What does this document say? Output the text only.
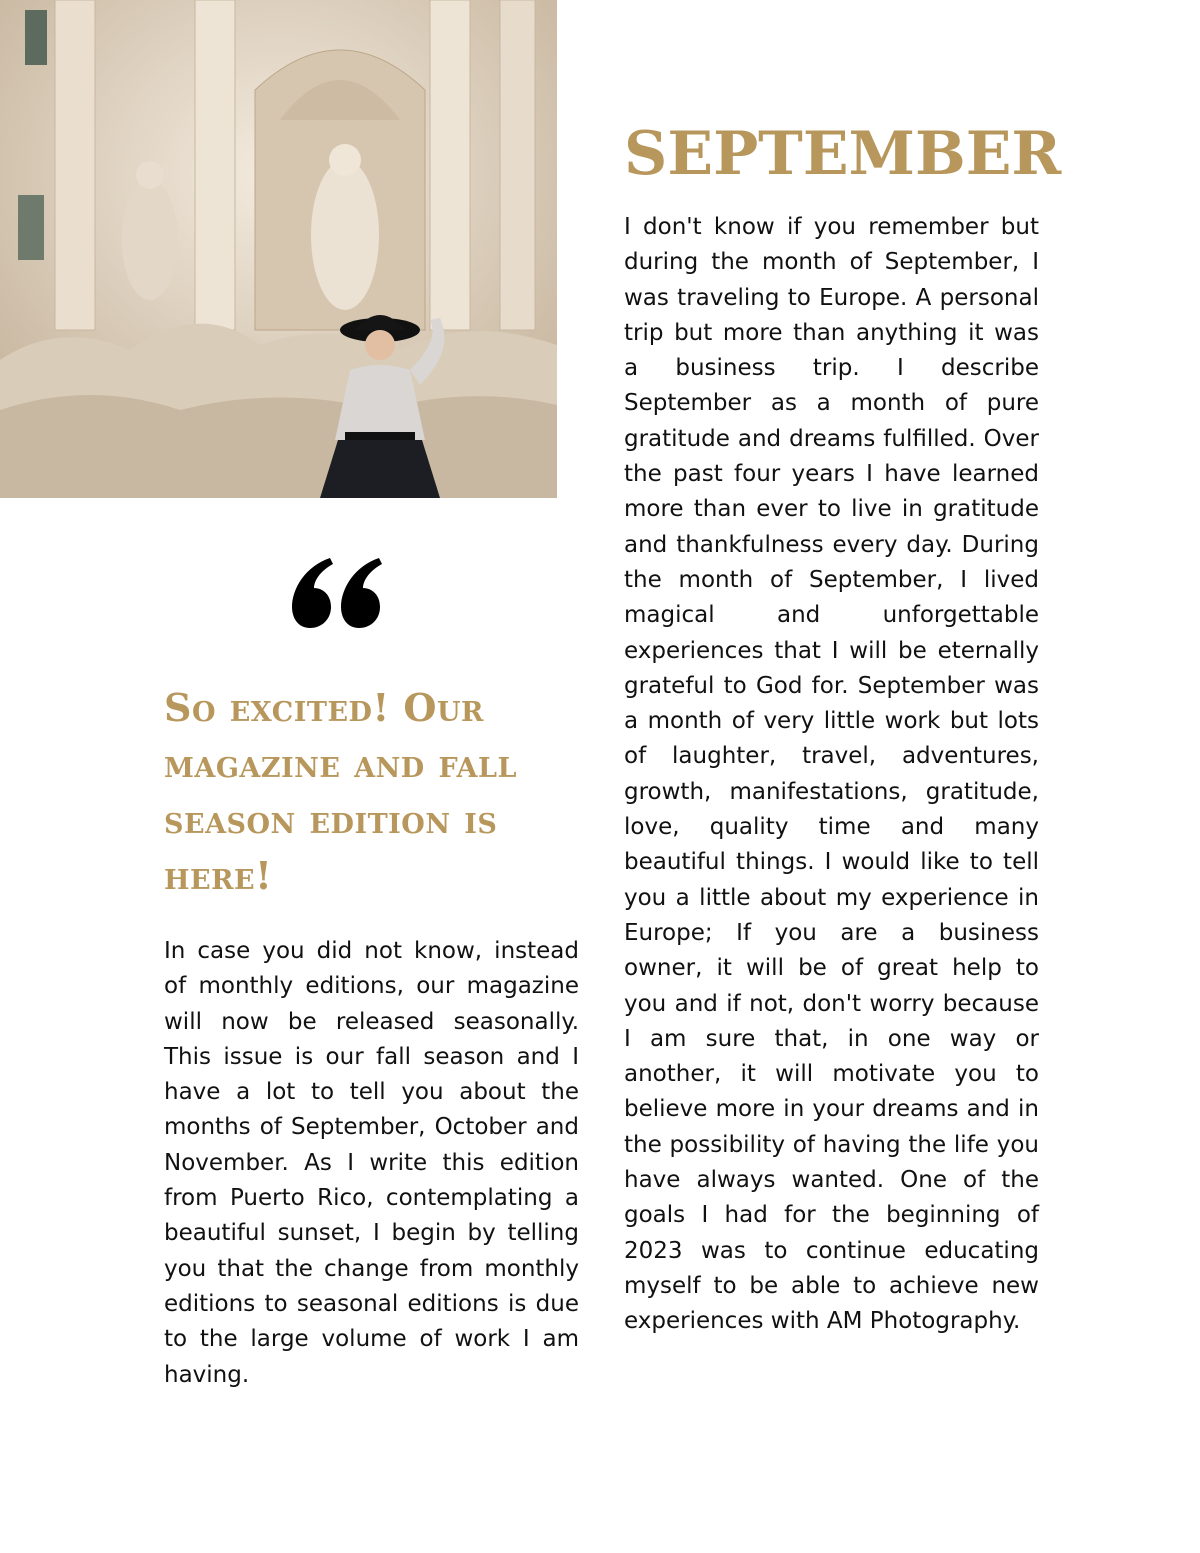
So excited! Our magazine and fall season edition is here!

In case you did not know, instead of monthly editions, our magazine will now be released seasonally. This issue is our fall season and I have a lot to tell you about the months of September, October and November. As I write this edition from Puerto Rico, contemplating a beautiful sunset, I begin by telling you that the change from monthly editions to seasonal editions is due to the large volume of work I am having.

SEPTEMBER

I don't know if you remember but during the month of September, I was traveling to Europe. A personal trip but more than anything it was a business trip. I describe September as a month of pure gratitude and dreams fulfilled. Over the past four years I have learned more than ever to live in gratitude and thankfulness every day. During the month of September, I lived magical and unforgettable experiences that I will be eternally grateful to God for. September was a month of very little work but lots of laughter, travel, adventures, growth, manifestations, gratitude, love, quality time and many beautiful things. I would like to tell you a little about my experience in Europe; If you are a business owner, it will be of great help to you and if not, don't worry because I am sure that, in one way or another, it will motivate you to believe more in your dreams and in the possibility of having the life you have always wanted. One of the goals I had for the beginning of 2023 was to continue educating myself to be able to achieve new experiences with AM Photography.
